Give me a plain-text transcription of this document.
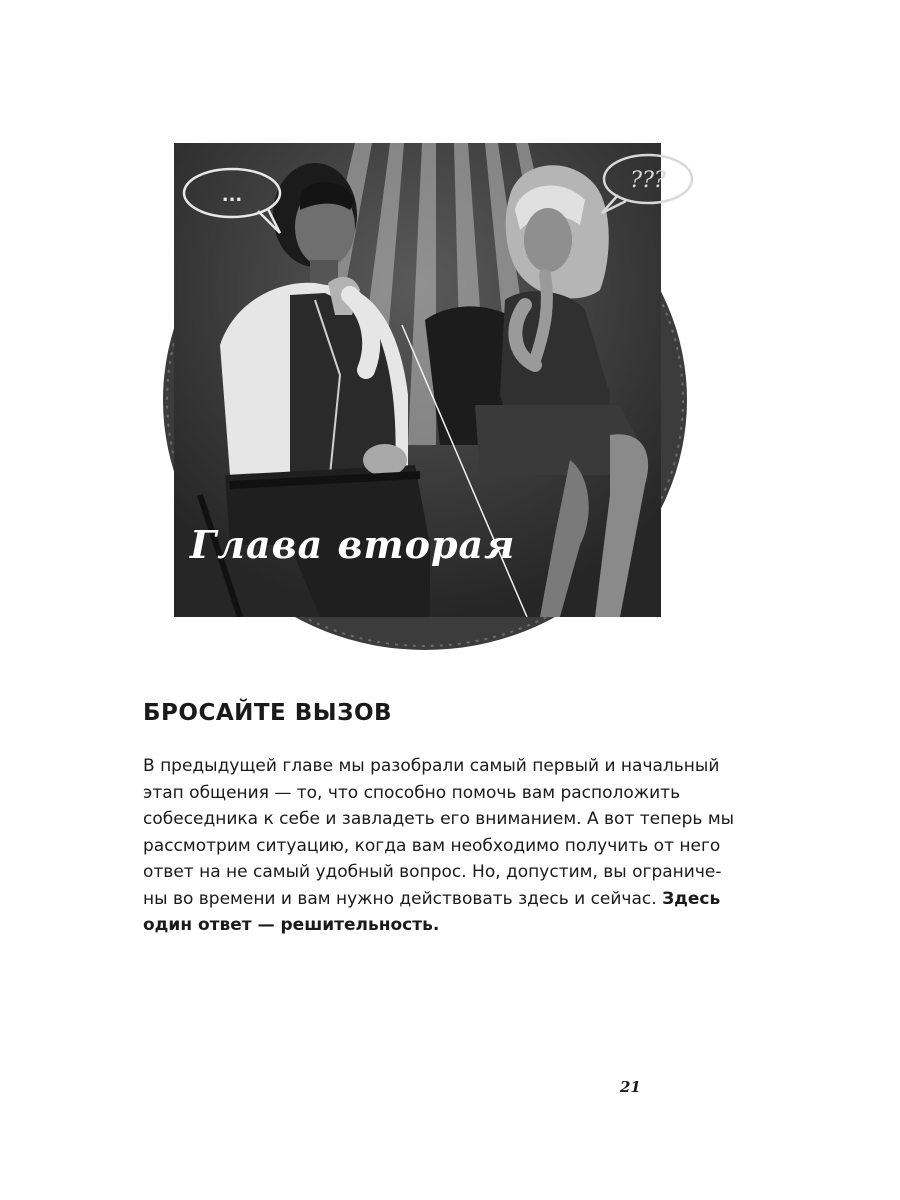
...
???
Глава вторая
БРОСАЙТЕ ВЫЗОВ

В предыдущей главе мы разобрали самый первый и начальный
этап общения — то, что способно помочь вам расположить
собеседника к себе и завладеть его вниманием. А вот теперь мы
рассмотрим ситуацию, когда вам необходимо получить от него
ответ на не самый удобный вопрос. Но, допустим, вы ограниче-
ны во времени и вам нужно действовать здесь и сейчас. Здесь
один ответ — решительность.

21
